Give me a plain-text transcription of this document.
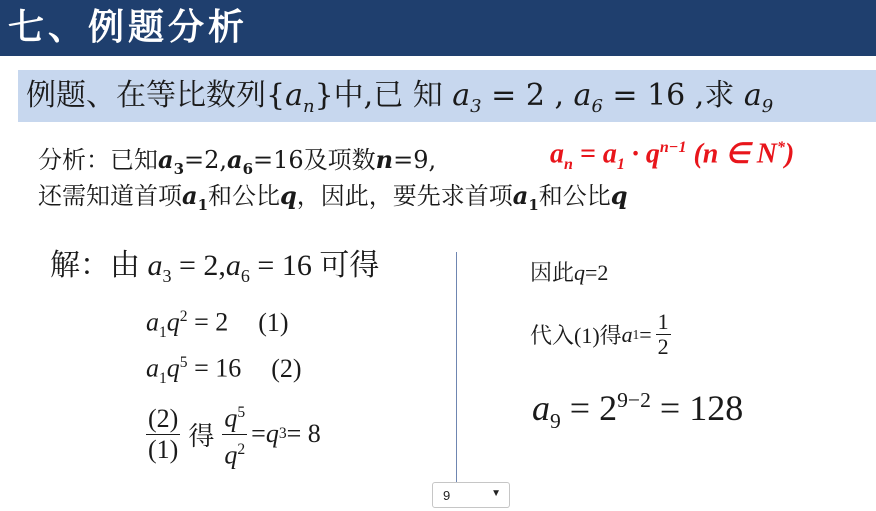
七、例题分析
例题、在等比数列$\{a_n\}$中,已 知 $a_3 = 2$ , $a_6 = 16$ ,求 $a_9$
$a_n = a_1 \cdot q^{n-1}$ (n ∈ N*)
分析：已知$a_3=2,a_6=16$及项数n=9,
还需知道首项$a_1$和公比q，因此，要先求首项$a_1$和公比q
解：由 $a_3 = 2,a_6 = 16$ 可得
$a_1q^2 = 2$ (1)
$a_1q^5 = 16$ (2)
$\frac{(2)}{(1)}$ 得 $\frac{q^5}{q^2} = q$ 3 = 8
因此q=2
代入(1)得 a $1 = \frac{1}{2}$
$a_9 = 2^{9-2} = 128$
9	▼
